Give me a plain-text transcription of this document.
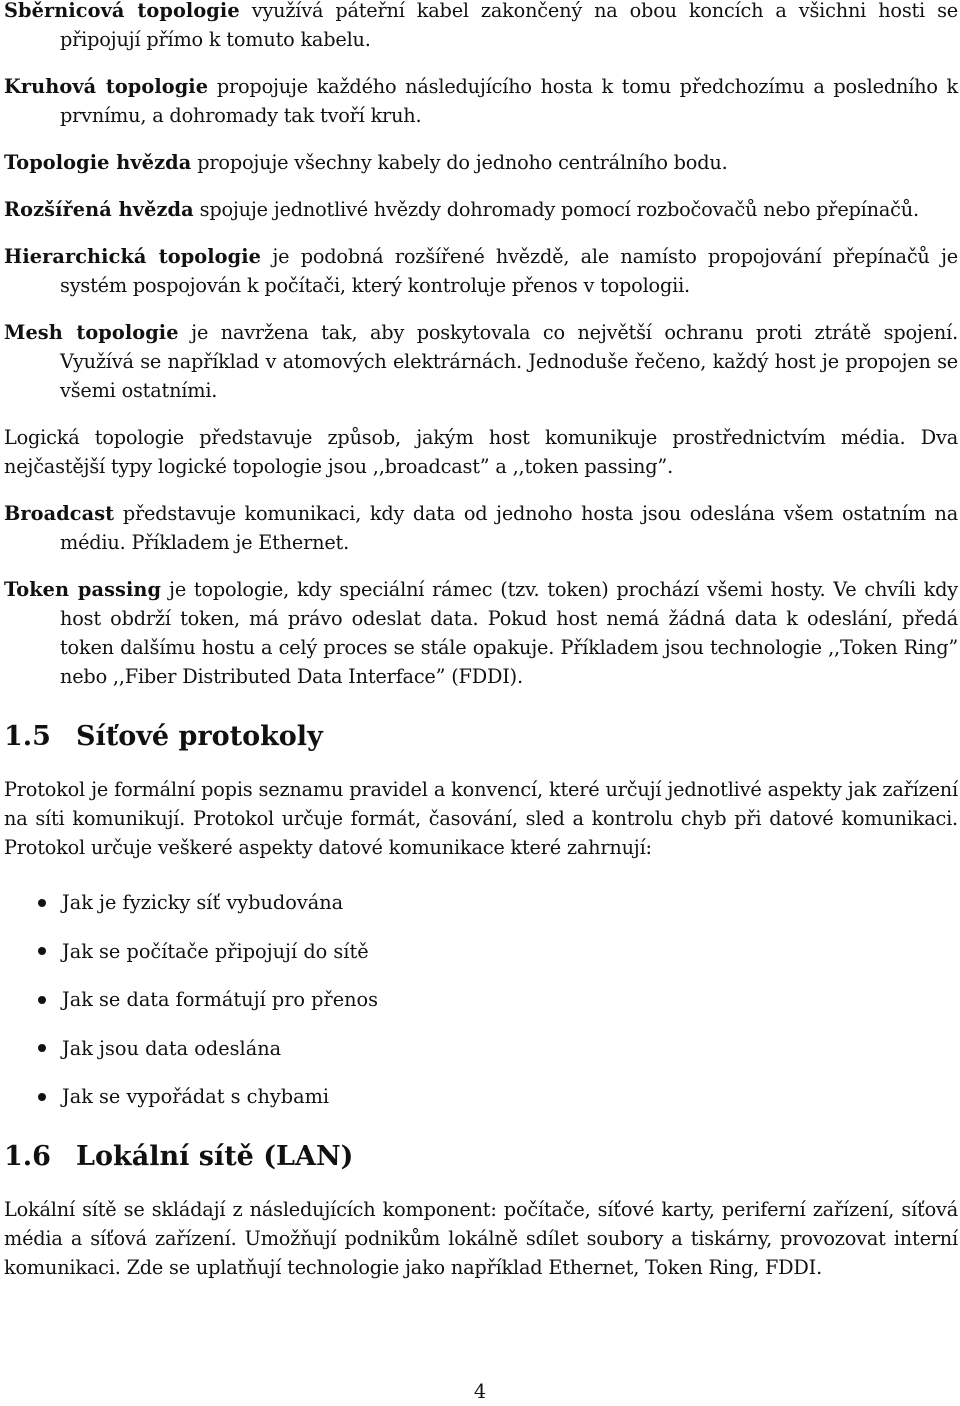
Sběrnicová topologie využívá páteřní kabel zakončený na obou koncích a všichni hosti se připojují přímo k tomuto kabelu.
Kruhová topologie propojuje každého následujícího hosta k tomu předchozímu a posledního k prvnímu, a dohromady tak tvoří kruh.
Topologie hvězda propojuje všechny kabely do jednoho centrálního bodu.
Rozšířená hvězda spojuje jednotlivé hvězdy dohromady pomocí rozbočovačů nebo přepínačů.
Hierarchická topologie je podobná rozšířené hvězdě, ale namísto propojování přepínačů je systém pospojován k počítači, který kontroluje přenos v topologii.
Mesh topologie je navržena tak, aby poskytovala co největší ochranu proti ztrátě spojení. Využívá se například v atomových elektrárnách. Jednoduše řečeno, každý host je propojen se všemi ostatními.

Logická topologie představuje způsob, jakým host komunikuje prostřednictvím média. Dva nejčastější typy logické topologie jsou ,,broadcast” a ,,token passing”.

Broadcast představuje komunikaci, kdy data od jednoho hosta jsou odeslána všem ostatním na médiu. Příkladem je Ethernet.
Token passing je topologie, kdy speciální rámec (tzv. token) prochází všemi hosty. Ve chvíli kdy host obdrží token, má právo odeslat data. Pokud host nemá žádná data k odeslání, předá token dalšímu hostu a celý proces se stále opakuje. Příkladem jsou technologie ,,Token Ring” nebo ,,Fiber Distributed Data Interface” (FDDI).
1.5 Síťové protokoly

Protokol je formální popis seznamu pravidel a konvencí, které určují jednotlivé aspekty jak zařízení na síti komunikují. Protokol určuje formát, časování, sled a kontrolu chyb při datové komunikaci. Protokol určuje veškeré aspekty datové komunikace které zahrnují:

Jak je fyzicky síť vybudována
Jak se počítače připojují do sítě
Jak se data formátují pro přenos
Jak jsou data odeslána
Jak se vypořádat s chybami
1.6 Lokální sítě (LAN)

Lokální sítě se skládají z následujících komponent: počítače, síťové karty, periferní zařízení, síťová média a síťová zařízení. Umožňují podnikům lokálně sdílet soubory a tiskárny, provozovat interní komunikaci. Zde se uplatňují technologie jako například Ethernet, Token Ring, FDDI.

4
